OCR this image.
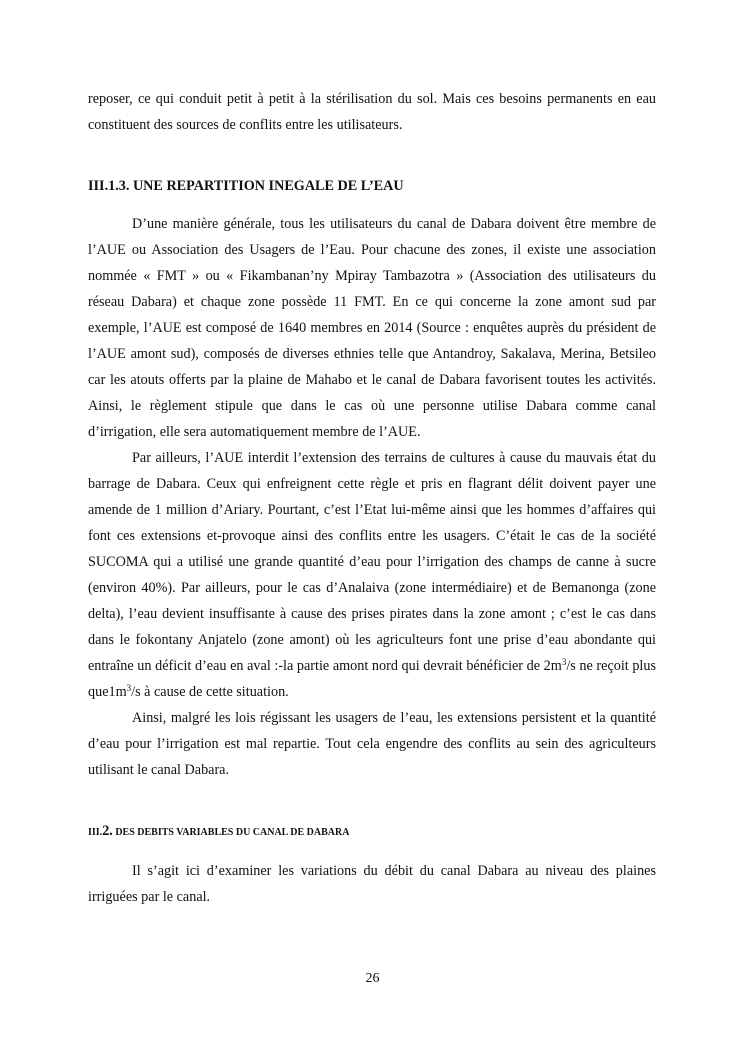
reposer, ce qui conduit petit à petit à la stérilisation du sol. Mais ces besoins permanents en eau constituent des sources de conflits entre les utilisateurs.

III.1.3. UNE REPARTITION INEGALE DE L’EAU

D’une manière générale, tous les utilisateurs du canal de Dabara doivent être membre de l’AUE ou Association des Usagers de l’Eau. Pour chacune des zones, il existe une association nommée « FMT » ou « Fikambanan’ny Mpiray Tambazotra » (Association des utilisateurs du réseau Dabara) et chaque zone possède 11 FMT. En ce qui concerne la zone amont sud par exemple, l’AUE est composé de 1640 membres en 2014 (Source : enquêtes auprès du président de l’AUE amont sud), composés de diverses ethnies telle que Antandroy, Sakalava, Merina, Betsileo car les atouts offerts par la plaine de Mahabo et le canal de Dabara favorisent toutes les activités. Ainsi, le règlement stipule que dans le cas où une personne utilise Dabara comme canal d’irrigation, elle sera automatiquement membre de l’AUE.

Par ailleurs, l’AUE interdit l’extension des terrains de cultures à cause du mauvais état du barrage de Dabara. Ceux qui enfreignent cette règle et pris en flagrant délit doivent payer une amende de 1 million d’Ariary. Pourtant, c’est l’Etat lui-même ainsi que les hommes d’affaires qui font ces extensions et-provoque ainsi des conflits entre les usagers. C’était le cas de la société SUCOMA qui a utilisé une grande quantité d’eau pour l’irrigation des champs de canne à sucre (environ 40%). Par ailleurs, pour le cas d’Analaiva (zone intermédiaire) et de Bemanonga (zone delta), l’eau devient insuffisante à cause des prises pirates dans la zone amont ; c’est le cas dans dans le fokontany Anjatelo (zone amont) où les agriculteurs font une prise d’eau abondante qui entraîne un déficit d’eau en aval :-la partie amont nord qui devrait bénéficier de $2m^3/s$ ne reçoit plus $que1m^3/s$ à cause de cette situation.

Ainsi, malgré les lois régissant les usagers de l’eau, les extensions persistent et la quantité d’eau pour l’irrigation est mal repartie. Tout cela engendre des conflits au sein des agriculteurs utilisant le canal Dabara.

III.2. DES DEBITS VARIABLES DU CANAL DE DABARA

Il s’agit ici d’examiner les variations du débit du canal Dabara au niveau des plaines irriguées par le canal.

26
